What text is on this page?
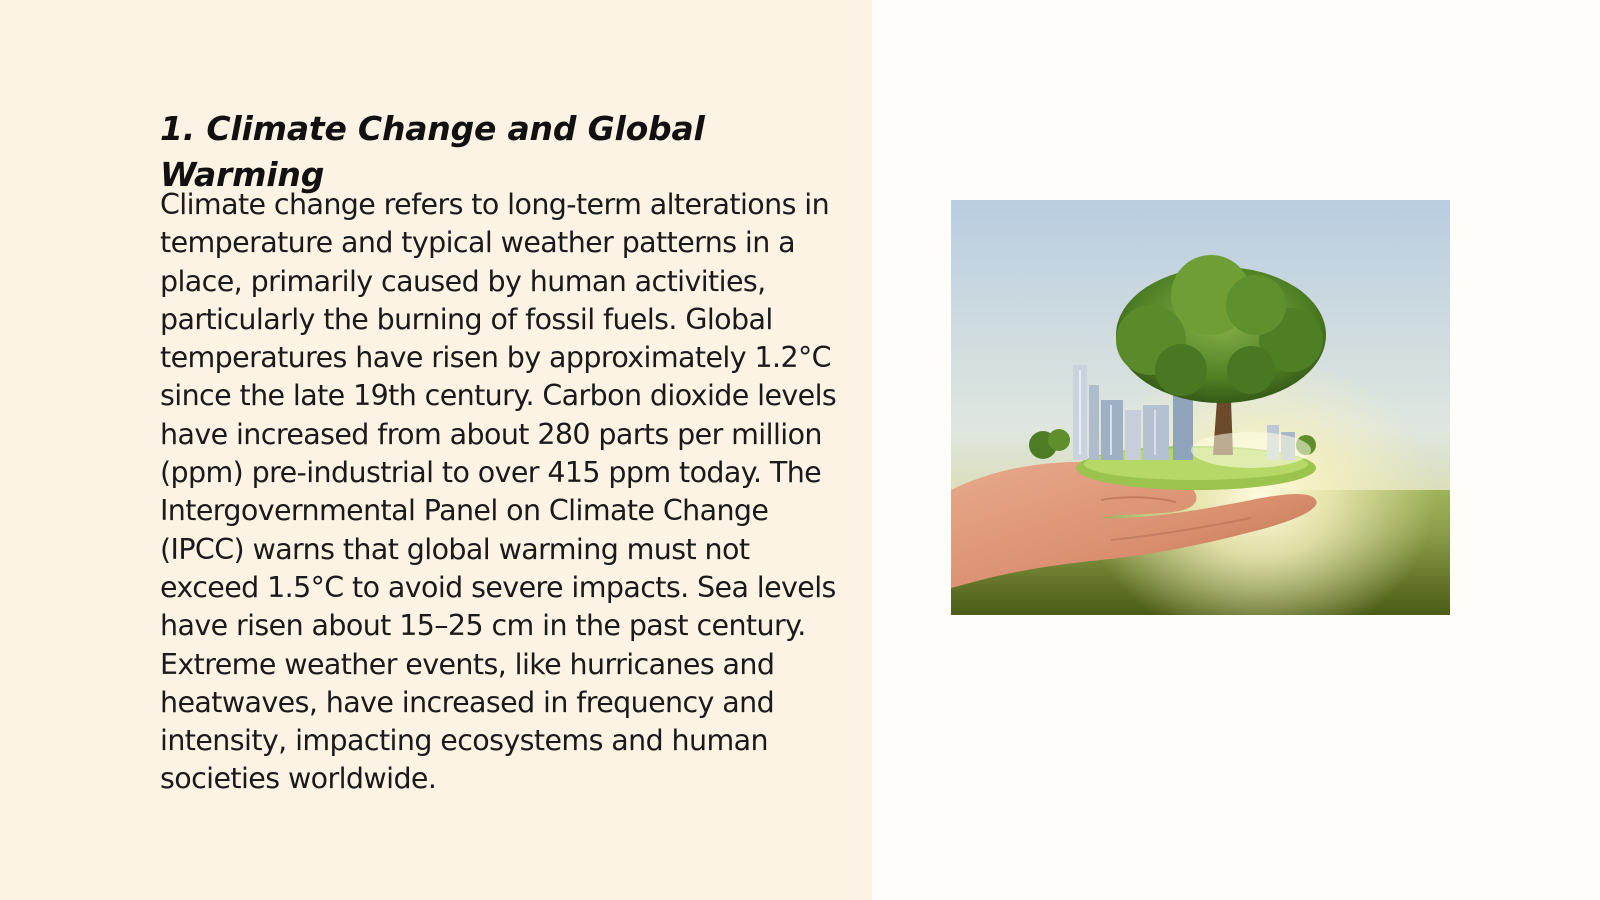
1. Climate Change and Global Warming

Climate change refers to long-term alterations in temperature and typical weather patterns in a place, primarily caused by human activities, particularly the burning of fossil fuels. Global temperatures have risen by approximately 1.2°C since the late 19th century. Carbon dioxide levels have increased from about 280 parts per million (ppm) pre-industrial to over 415 ppm today. The Intergovernmental Panel on Climate Change (IPCC) warns that global warming must not exceed 1.5°C to avoid severe impacts. Sea levels have risen about 15–25 cm in the past century. Extreme weather events, like hurricanes and heatwaves, have increased in frequency and intensity, impacting ecosystems and human societies worldwide.
